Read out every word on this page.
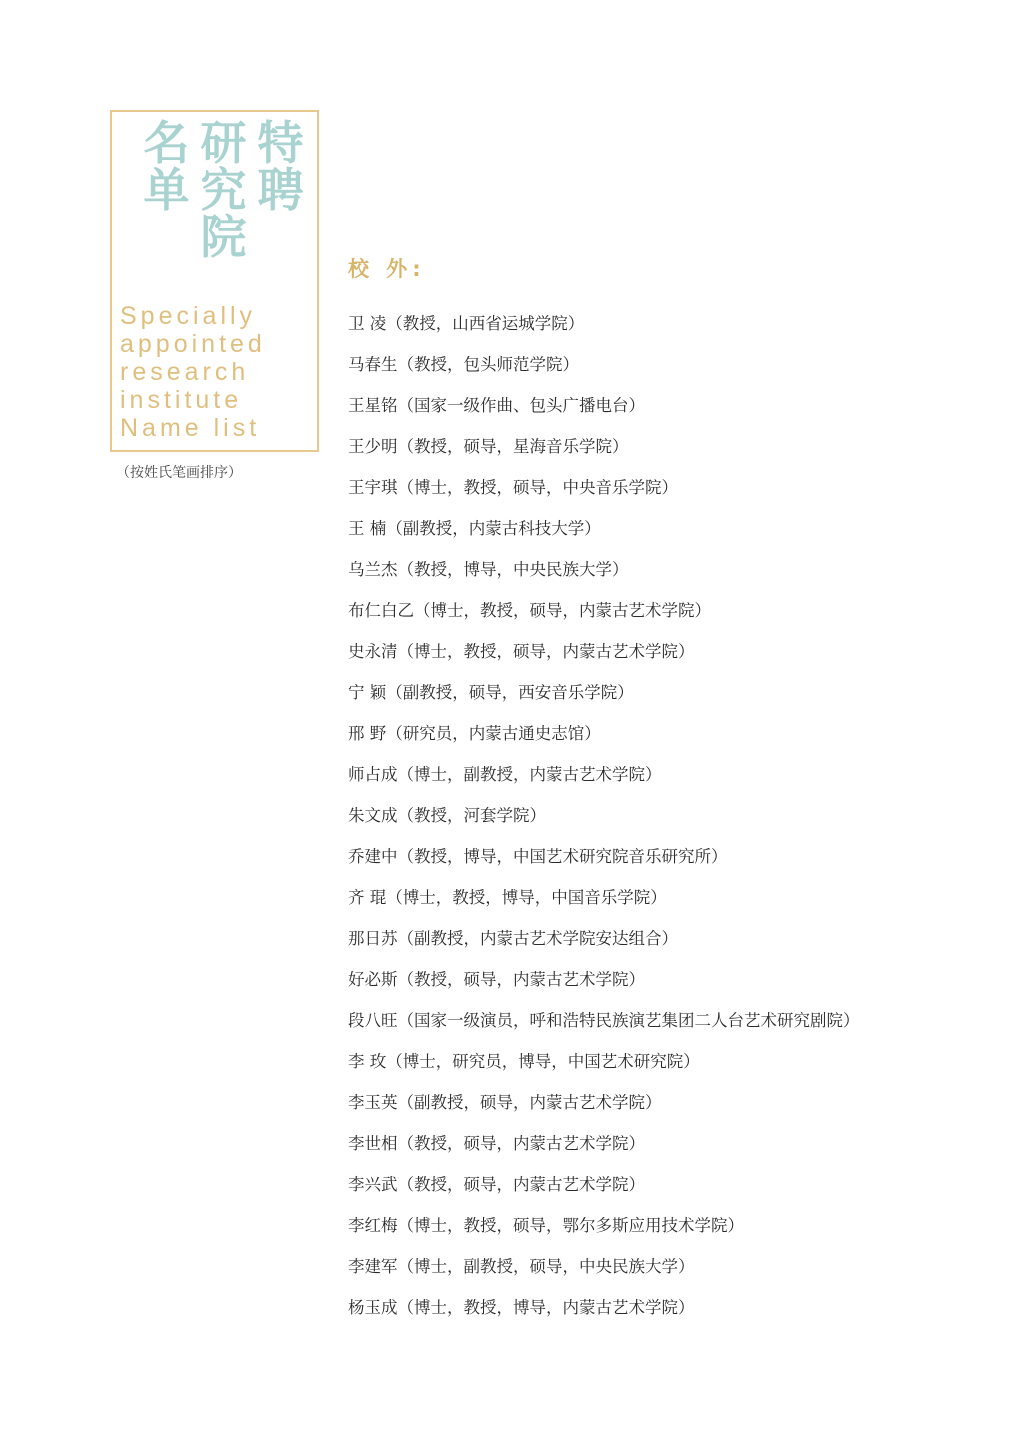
特
聘
研
究
院
名
单
Specially
appointed
research
institute
Name list
（按姓氏笔画排序）
校 外:
卫 凌（教授，山西省运城学院）
马春生（教授，包头师范学院）
王星铭（国家一级作曲、包头广播电台）
王少明（教授，硕导，星海音乐学院）
王宇琪（博士，教授，硕导，中央音乐学院）
王 楠（副教授，内蒙古科技大学）
乌兰杰（教授，博导，中央民族大学）
布仁白乙（博士，教授，硕导，内蒙古艺术学院）
史永清（博士，教授，硕导，内蒙古艺术学院）
宁 颖（副教授，硕导，西安音乐学院）
邢 野（研究员，内蒙古通史志馆）
师占成（博士，副教授，内蒙古艺术学院）
朱文成（教授，河套学院）
乔建中（教授，博导，中国艺术研究院音乐研究所）
齐 琨（博士，教授，博导，中国音乐学院）
那日苏（副教授，内蒙古艺术学院安达组合）
好必斯（教授，硕导，内蒙古艺术学院）
段八旺（国家一级演员，呼和浩特民族演艺集团二人台艺术研究剧院）
李 玫（博士，研究员，博导，中国艺术研究院）
李玉英（副教授，硕导，内蒙古艺术学院）
李世相（教授，硕导，内蒙古艺术学院）
李兴武（教授，硕导，内蒙古艺术学院）
李红梅（博士，教授，硕导，鄂尔多斯应用技术学院）
李建军（博士，副教授，硕导，中央民族大学）
杨玉成（博士，教授，博导，内蒙古艺术学院）
